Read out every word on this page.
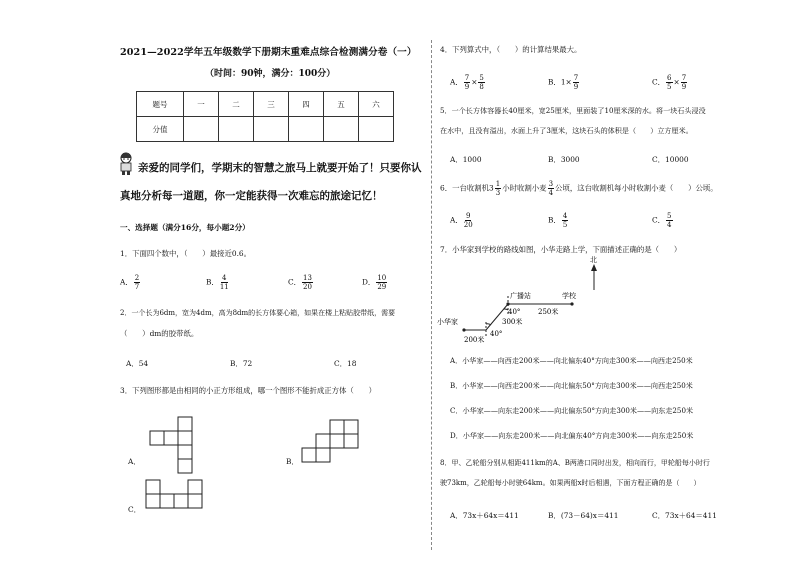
2021—2022学年五年级数学下册期末重难点综合检测满分卷（一）
（时间：90钟，满分：100分）
题号	一	二	三	四	五	六
分值						
亲爱的同学们，学期末的智慧之旅马上就要开始了！只要你认
真地分析每一道题，你一定能获得一次难忘的旅途记忆！
一、选择题（满分16分，每小题2分）
1．下面四个数中，（　　）最接近0.6。
A． $\frac{2}{7}$	B． $\frac{4}{11}$	C． $\frac{13}{20}$	D． $\frac{10}{29}$
2．一个长为6dm，宽为4dm，高为8dm的长方体要心箱，如果在楼上粘贴胶带纸，需要
（　　）dm的胶带纸。
A．54	B．72	C．18
3．下列图形都是由相同的小正方形组成，哪一个图形不能折成正方体（　　）
A．	B．
C．
4．下列算式中，（　　）的计算结果最大。
A． $\frac{7}{9} \times \frac{5}{8}$	B．$1\times \frac{7}{9}$	C． $\frac{6}{5} \times \frac{7}{9}$
5．一个长方体容器长40厘米，宽25厘米，里面装了10厘米深的水。将一块石头浸没
在水中，且没有溢出，水面上升了3厘米，这块石头的体积是（　　）立方厘米。
A．1000	B．3000	C．10000
6．一台收割机$3 \frac{1}{3}$ 小时收割小麦 $\frac{3}{4}$ 公顷，这台收割机每小时收割小麦（　　）公顷。
A． $\frac{9}{20}$	B． $\frac{4}{5}$	C． $\frac{5}{4}$
7．小华家到学校的路线如图，小华走路上学，下面描述正确的是（　　）
北
广播站	学校
小华家
200米
300米
250米
40°
40°
A．小华家——向西走200米——向北偏东40°方向走300米——向西走250米
B．小华家——向西走200米——向北偏东50°方向走300米——向西走250米
C．小华家——向东走200米——向北偏东50°方向走300米——向东走250米
D．小华家——向东走200米——向北偏东40°方向走300米——向东走250米
8．甲、乙轮船分别从相距411km的A、B两港口同时出发，相向而行，甲轮船每小时行
驶73km，乙轮船每小时驶64km。如果两船x时后相遇，下面方程正确的是（　　）
A．73x＋64x＝411	B．(73－64)x＝411	C．73x＋64＝411
